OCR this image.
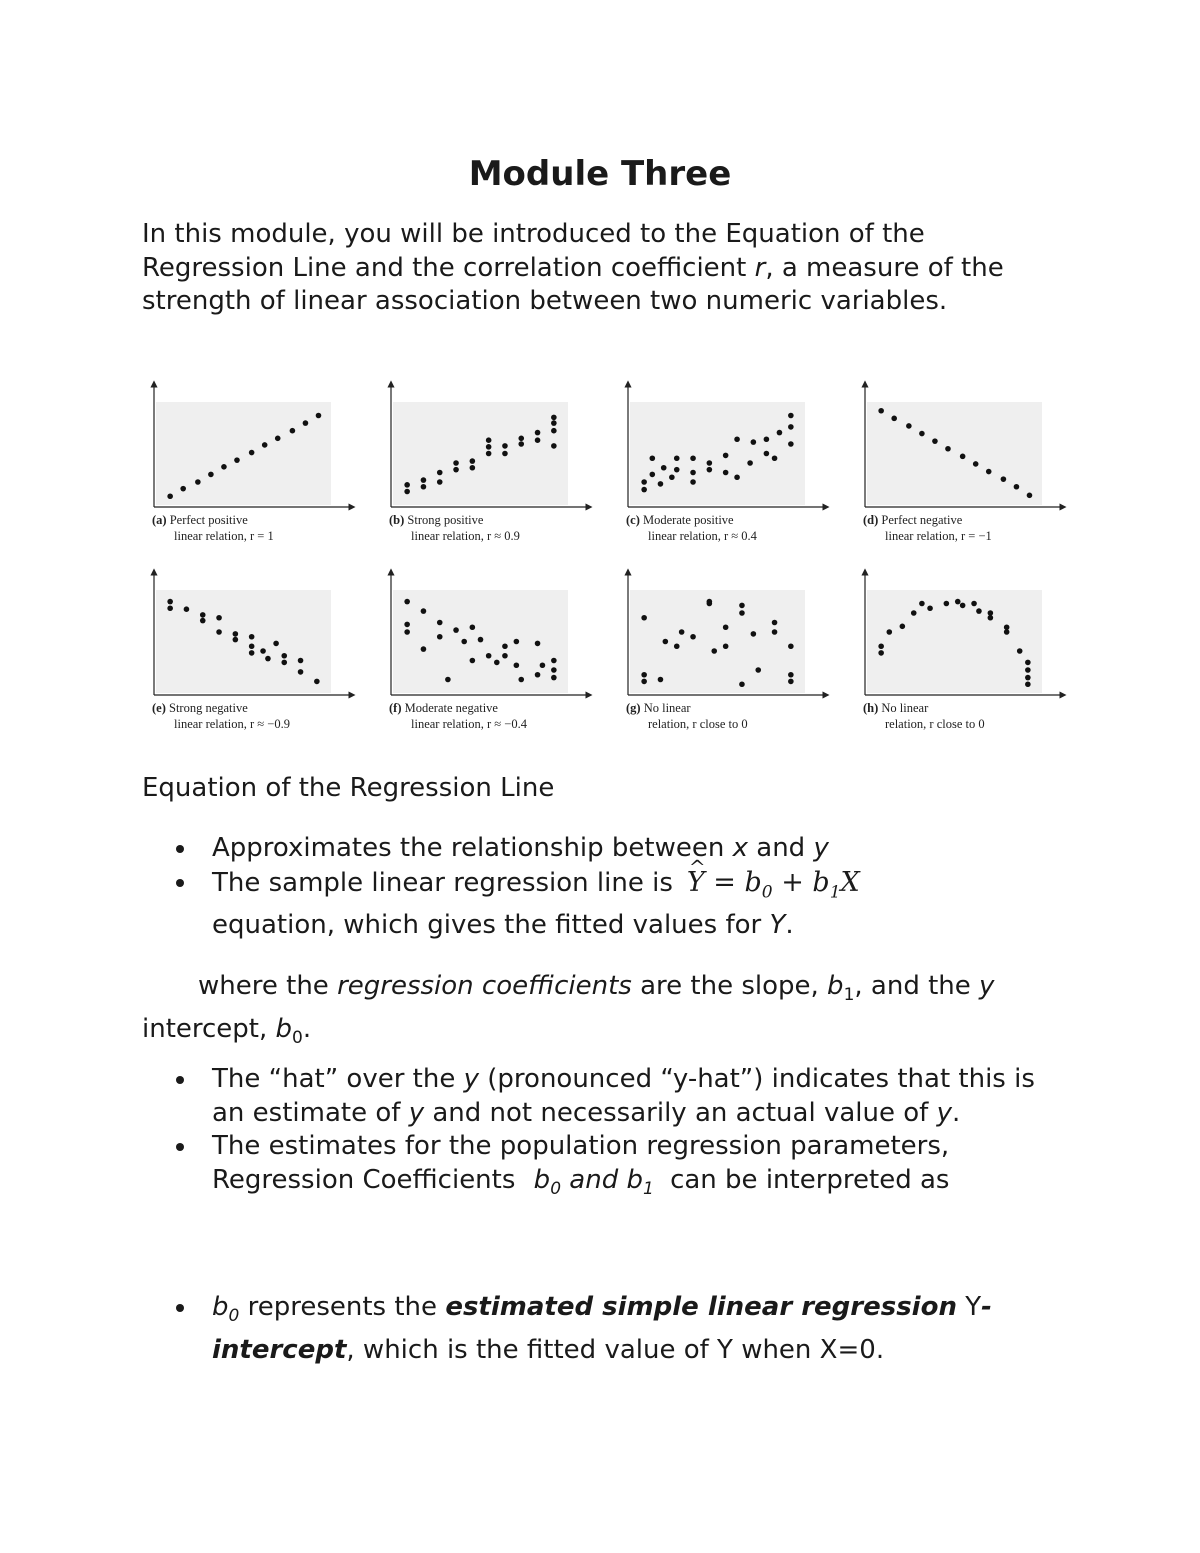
Module Three
In this module, you will be introduced to the Equation of the Regression Line and the correlation coefficient r, a measure of the strength of linear association between two numeric variables.
(a) Perfect positive
linear relation, r = 1
(b) Strong positive
linear relation, r ≈ 0.9
(c) Moderate positive
linear relation, r ≈ 0.4
(d) Perfect negative
linear relation, r = −1
(e) Strong negative
linear relation, r ≈ −0.9
(f) Moderate negative
linear relation, r ≈ −0.4
(g) No linear
relation, r close to 0
(h) No linear
relation, r close to 0
Equation of the Regression Line
Approximates the relationship between x and y
The sample linear regression line is Y ^ = $b_0 + b_1X$
equation, which gives the fitted values for Y.
where the regression coefficients are the slope, $b_1$, and the y intercept, $b_0$.
The “hat” over the y (pronounced “y-hat”) indicates that this is an estimate of y and not necessarily an actual value of y.
The estimates for the population regression parameters, Regression Coefficients $b_0$ and $b_1$ can be interpreted as
$b_0$ represents the estimated simple linear regression Y-intercept, which is the fitted value of Y when X=0.
